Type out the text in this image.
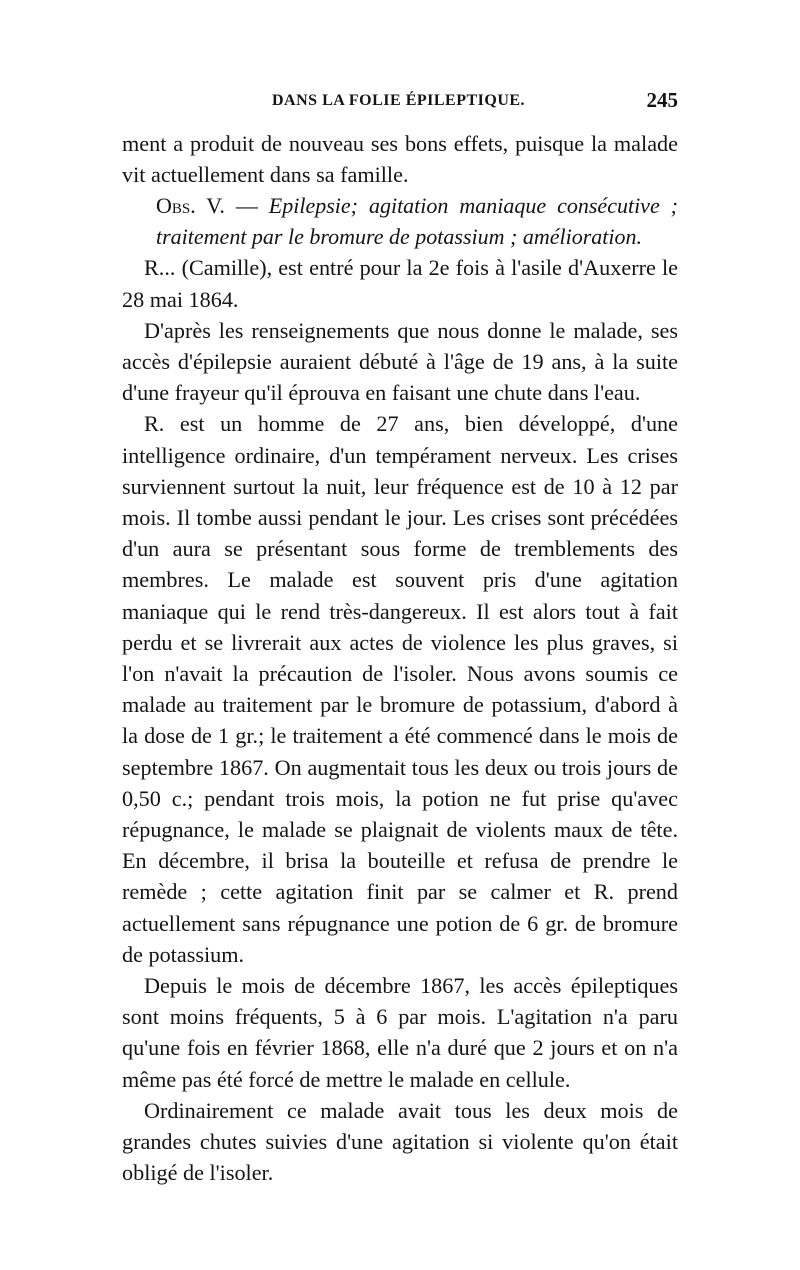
DANS LA FOLIE ÉPILEPTIQUE.	245

ment a produit de nouveau ses bons effets, puisque la malade vit actuellement dans sa famille.

Obs. V. — Epilepsie; agitation maniaque consécutive ; traitement par le bromure de potassium ; amélioration.

R... (Camille), est entré pour la 2e fois à l'asile d'Auxerre le 28 mai 1864.

D'après les renseignements que nous donne le malade, ses accès d'épilepsie auraient débuté à l'âge de 19 ans, à la suite d'une frayeur qu'il éprouva en faisant une chute dans l'eau.

R. est un homme de 27 ans, bien développé, d'une intelligence ordinaire, d'un tempérament nerveux. Les crises surviennent surtout la nuit, leur fréquence est de 10 à 12 par mois. Il tombe aussi pendant le jour. Les crises sont précédées d'un aura se présentant sous forme de tremblements des membres. Le malade est souvent pris d'une agitation maniaque qui le rend très-dangereux. Il est alors tout à fait perdu et se livrerait aux actes de violence les plus graves, si l'on n'avait la précaution de l'isoler. Nous avons soumis ce malade au traitement par le bromure de potassium, d'abord à la dose de 1 gr.; le traitement a été commencé dans le mois de septembre 1867. On augmentait tous les deux ou trois jours de 0,50 c.; pendant trois mois, la potion ne fut prise qu'avec répugnance, le malade se plaignait de violents maux de tête. En décembre, il brisa la bouteille et refusa de prendre le remède ; cette agitation finit par se calmer et R. prend actuellement sans répugnance une potion de 6 gr. de bromure de potassium.

Depuis le mois de décembre 1867, les accès épileptiques sont moins fréquents, 5 à 6 par mois. L'agitation n'a paru qu'une fois en février 1868, elle n'a duré que 2 jours et on n'a même pas été forcé de mettre le malade en cellule.

Ordinairement ce malade avait tous les deux mois de grandes chutes suivies d'une agitation si violente qu'on était obligé de l'isoler.
